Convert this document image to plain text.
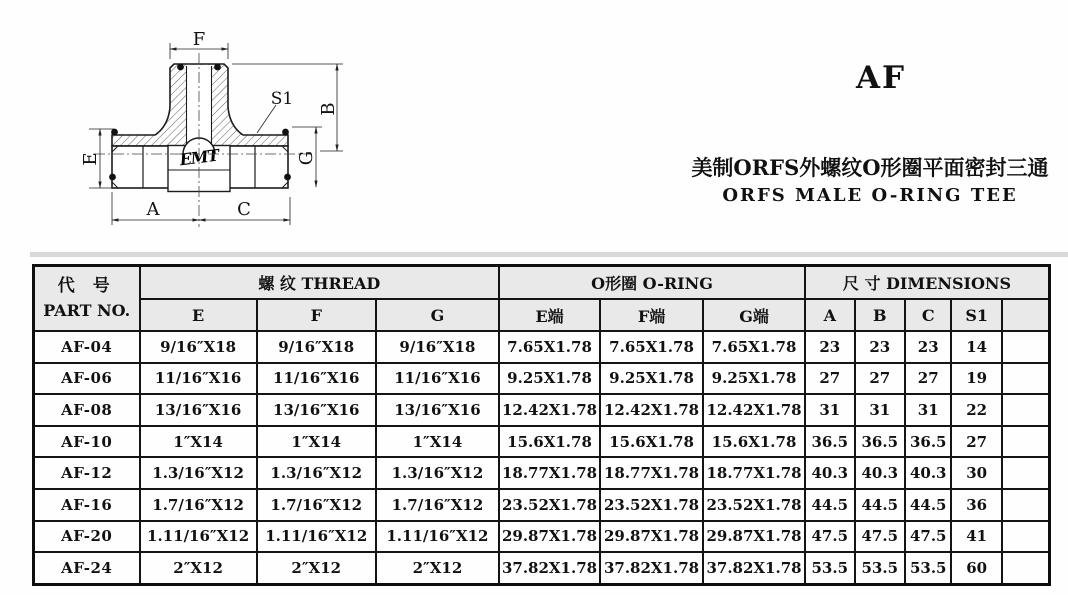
EMT
F
S1 B
G
E
A	C
AF
美制ORFS外螺纹O形圈平面密封三通
ORFS MALE O-RING TEE
代 号
PART NO.	螺 纹 THREAD			O形圈 O-RING			尺 寸 DIMENSIONS				
	E	F	G	E端	F端	G端	A	B	C	S1	
AF-04	9/16″X18	9/16″X18	9/16″X18	7.65X1.78	7.65X1.78	7.65X1.78	23	23	23	14	
AF-06	11/16″X16	11/16″X16	11/16″X16	9.25X1.78	9.25X1.78	9.25X1.78	27	27	27	19	
AF-08	13/16″X16	13/16″X16	13/16″X16	12.42X1.78	12.42X1.78	12.42X1.78	31	31	31	22	
AF-10	1″X14	1″X14	1″X14	15.6X1.78	15.6X1.78	15.6X1.78	36.5	36.5	36.5	27	
AF-12	1.3/16″X12	1.3/16″X12	1.3/16″X12	18.77X1.78	18.77X1.78	18.77X1.78	40.3	40.3	40.3	30	
AF-16	1.7/16″X12	1.7/16″X12	1.7/16″X12	23.52X1.78	23.52X1.78	23.52X1.78	44.5	44.5	44.5	36	
AF-20	1.11/16″X12	1.11/16″X12	1.11/16″X12	29.87X1.78	29.87X1.78	29.87X1.78	47.5	47.5	47.5	41	
AF-24	2″X12	2″X12	2″X12	37.82X1.78	37.82X1.78	37.82X1.78	53.5	53.5	53.5	60	
